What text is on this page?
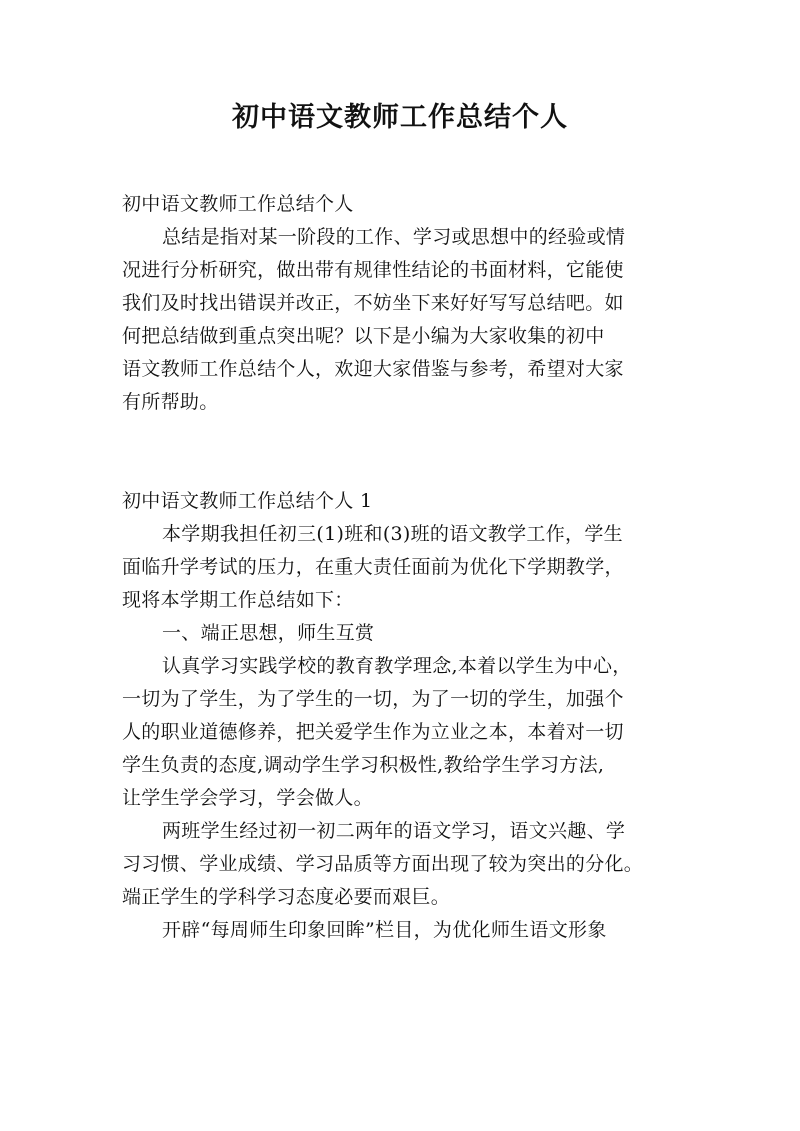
初中语文教师工作总结个人
初中语文教师工作总结个人
总结是指对某一阶段的工作、学习或思想中的经验或情
况进行分析研究，做出带有规律性结论的书面材料，它能使
我们及时找出错误并改正，不妨坐下来好好写写总结吧。如
何把总结做到重点突出呢？以下是小编为大家收集的初中
语文教师工作总结个人，欢迎大家借鉴与参考，希望对大家
有所帮助。
初中语文教师工作总结个人 1
本学期我担任初三(1)班和(3)班的语文教学工作，学生
面临升学考试的压力，在重大责任面前为优化下学期教学，
现将本学期工作总结如下：
一、端正思想，师生互赏
认真学习实践学校的教育教学理念,本着以学生为中心，
一切为了学生，为了学生的一切，为了一切的学生，加强个
人的职业道德修养，把关爱学生作为立业之本，本着对一切
学生负责的态度,调动学生学习积极性,教给学生学习方法,
让学生学会学习，学会做人。
两班学生经过初一初二两年的语文学习，语文兴趣、学
习习惯、学业成绩、学习品质等方面出现了较为突出的分化。
端正学生的学科学习态度必要而艰巨。
开辟“每周师生印象回眸”栏目，为优化师生语文形象
